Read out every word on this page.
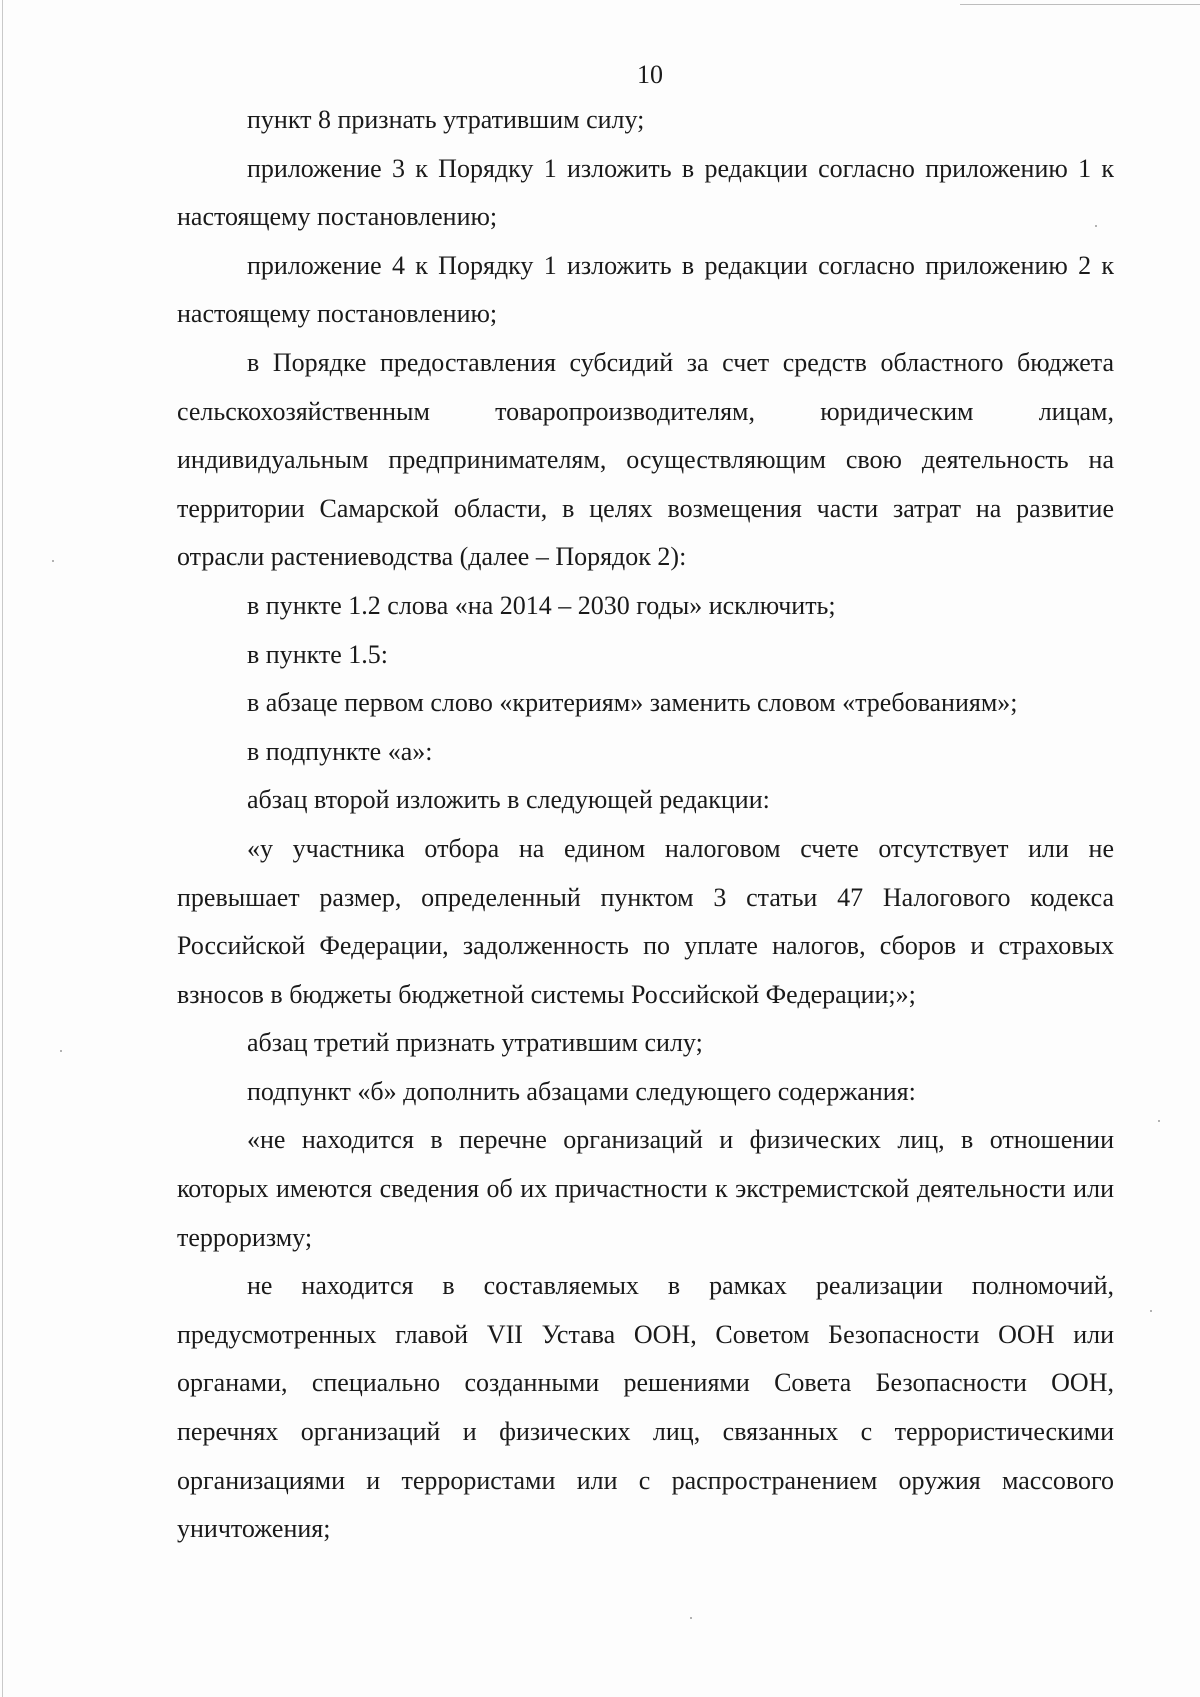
10

пункт 8 признать утратившим силу;

приложение 3 к Порядку 1 изложить в редакции согласно приложению 1 к настоящему постановлению;

приложение 4 к Порядку 1 изложить в редакции согласно приложению 2 к настоящему постановлению;

в Порядке предоставления субсидий за счет средств областного бюджета сельскохозяйственным товаропроизводителям, юридическим лицам, индивидуальным предпринимателям, осуществляющим свою деятельность на территории Самарской области, в целях возмещения части затрат на развитие отрасли растениеводства (далее – Порядок 2):

в пункте 1.2 слова «на 2014 – 2030 годы» исключить;

в пункте 1.5:

в абзаце первом слово «критериям» заменить словом «требованиям»;

в подпункте «а»:

абзац второй изложить в следующей редакции:

«у участника отбора на едином налоговом счете отсутствует или не превышает размер, определенный пунктом 3 статьи 47 Налогового кодекса Российской Федерации, задолженность по уплате налогов, сборов и страховых взносов в бюджеты бюджетной системы Российской Федерации;»;

абзац третий признать утратившим силу;

подпункт «б» дополнить абзацами следующего содержания:

«не находится в перечне организаций и физических лиц, в отношении которых имеются сведения об их причастности к экстремистской деятельности или терроризму;

не находится в составляемых в рамках реализации полномочий, предусмотренных главой VII Устава ООН, Советом Безопасности ООН или органами, специально созданными решениями Совета Безопасности ООН, перечнях организаций и физических лиц, связанных с террористическими организациями и террористами или с распространением оружия массового уничтожения;
